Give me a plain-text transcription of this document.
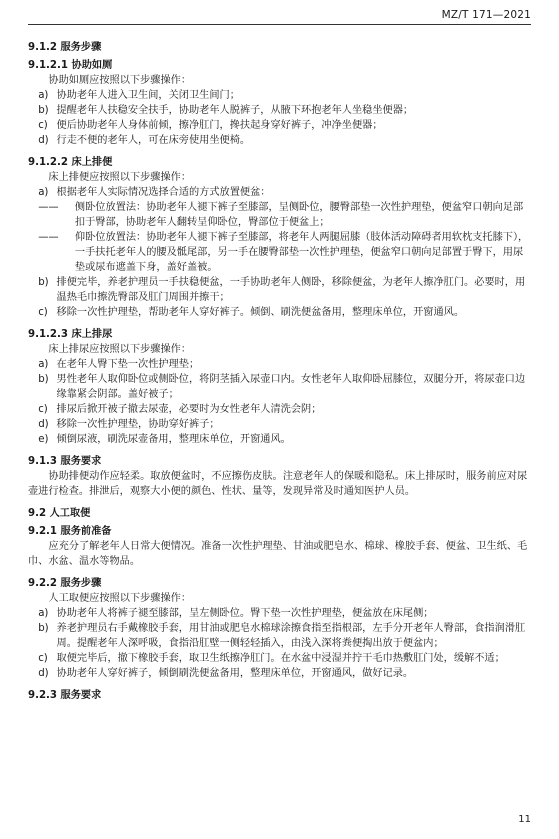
MZ/T 171—2021

9.1.2 服务步骤

9.1.2.1 协助如厕

协助如厕应按照以下步骤操作：

a) 协助老年人进入卫生间，关闭卫生间门；
b) 提醒老年人扶稳安全扶手，协助老年人脱裤子，从腋下环抱老年人坐稳坐便器；
c) 便后协助老年人身体前倾，擦净肛门，搀扶起身穿好裤子，冲净坐便器；
d) 行走不便的老年人，可在床旁使用坐便椅。

9.1.2.2 床上排便

床上排便应按照以下步骤操作：

a) 根据老年人实际情况选择合适的方式放置便盆：
—— 侧卧位放置法：协助老年人褪下裤子至膝部，呈侧卧位，腰臀部垫一次性护理垫，便盆窄口朝向足部扣于臀部，协助老年人翻转呈仰卧位，臀部位于便盆上；
—— 仰卧位放置法：协助老年人褪下裤子至膝部，将老年人两腿屈膝（肢体活动障碍者用软枕支托膝下），一手扶托老年人的腰及骶尾部，另一手在腰臀部垫一次性护理垫，便盆窄口朝向足部置于臀下，用尿垫或尿布遮盖下身，盖好盖被。
b) 排便完毕，养老护理员一手扶稳便盆，一手协助老年人侧卧，移除便盆，为老年人擦净肛门。必要时，用温热毛巾擦洗臀部及肛门周围并擦干；
c) 移除一次性护理垫，帮助老年人穿好裤子。倾倒、刷洗便盆备用，整理床单位，开窗通风。

9.1.2.3 床上排尿

床上排尿应按照以下步骤操作：

a) 在老年人臀下垫一次性护理垫；
b) 男性老年人取仰卧位或侧卧位，将阴茎插入尿壶口内。女性老年人取仰卧屈膝位，双腿分开，将尿壶口边缘靠紧会阴部。盖好被子；
c) 排尿后掀开被子撤去尿壶，必要时为女性老年人清洗会阴；
d) 移除一次性护理垫，协助穿好裤子；
e) 倾倒尿液，刷洗尿壶备用，整理床单位，开窗通风。

9.1.3 服务要求

协助排便动作应轻柔。取放便盆时，不应擦伤皮肤。注意老年人的保暖和隐私。床上排尿时，服务前应对尿壶进行检查。排泄后，观察大小便的颜色、性状、量等，发现异常及时通知医护人员。

9.2 人工取便

9.2.1 服务前准备

应充分了解老年人日常大便情况。准备一次性护理垫、甘油或肥皂水、棉球、橡胶手套、便盆、卫生纸、毛巾、水盆、温水等物品。

9.2.2 服务步骤

人工取便应按照以下步骤操作：

a) 协助老年人将裤子褪至膝部，呈左侧卧位。臀下垫一次性护理垫，便盆放在床尾侧；
b) 养老护理员右手戴橡胶手套，用甘油或肥皂水棉球涂擦食指至指根部，左手分开老年人臀部，食指润滑肛周。提醒老年人深呼吸，食指沿肛壁一侧轻轻插入，由浅入深将粪便掏出放于便盆内；
c) 取便完毕后，撤下橡胶手套，取卫生纸擦净肛门。在水盆中浸湿并拧干毛巾热敷肛门处，缓解不适；
d) 协助老年人穿好裤子，倾倒刷洗便盆备用，整理床单位，开窗通风，做好记录。

9.2.3 服务要求

11
